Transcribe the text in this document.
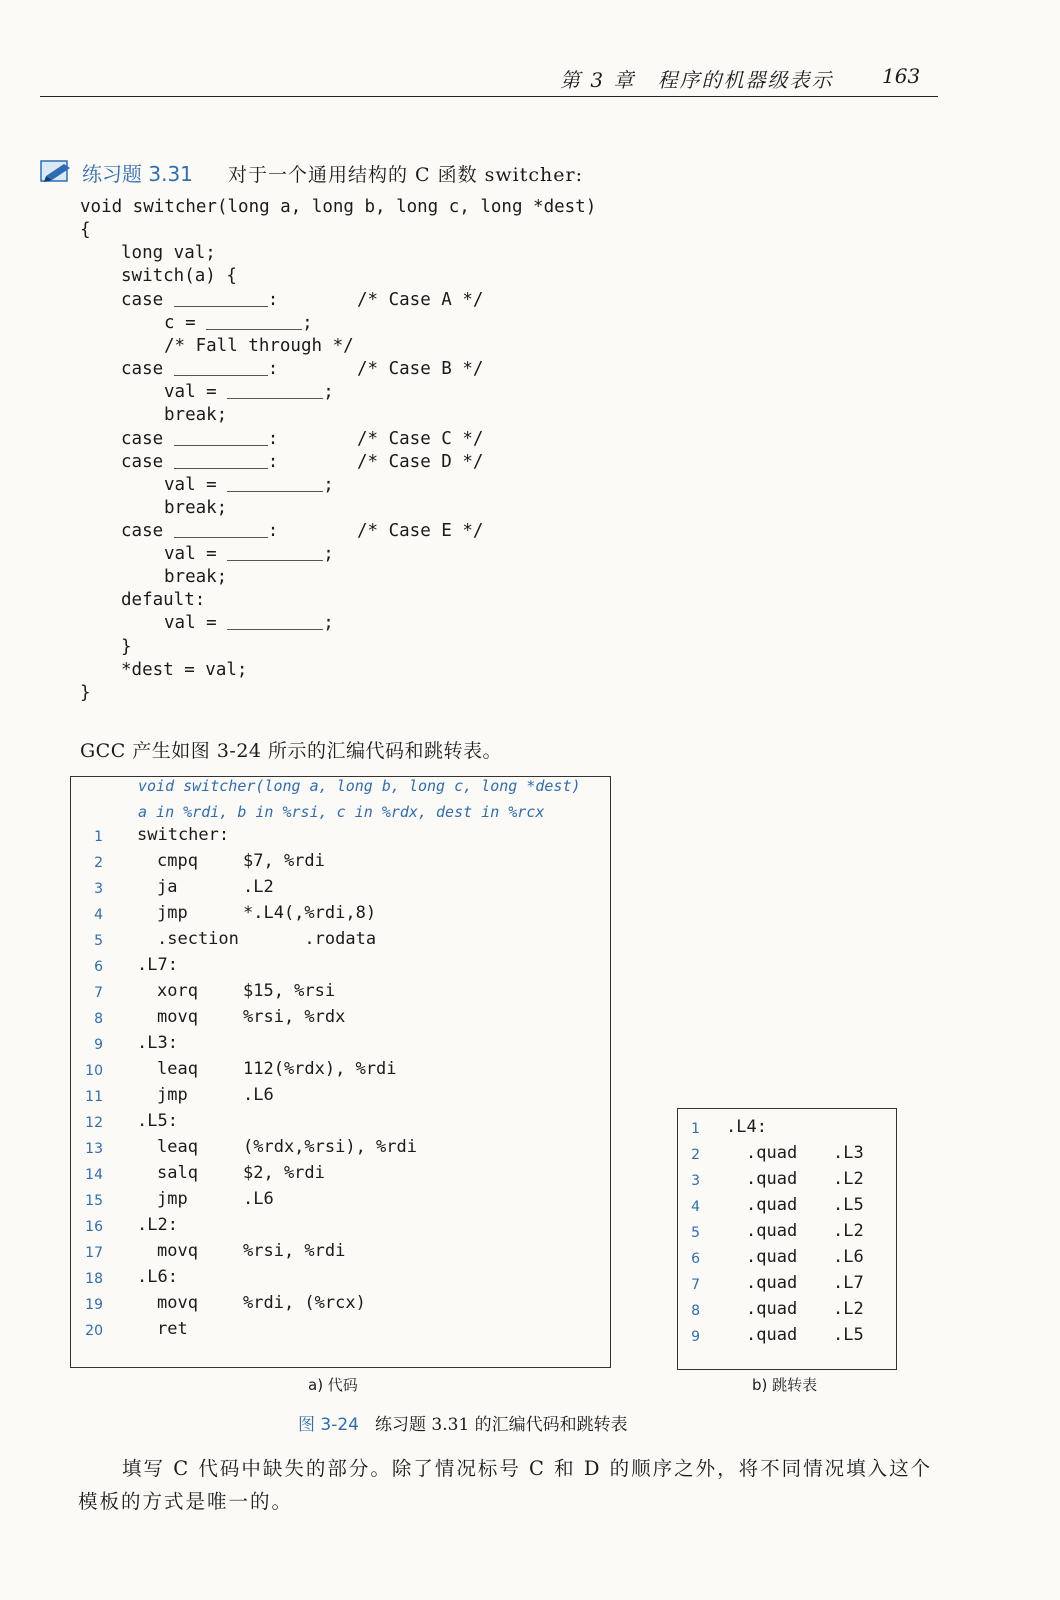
第 3 章　程序的机器级表示 163
练习题 3.31 对于一个通用结构的 C 函数 switcher:
void switcher(long a, long b, long c, long *dest)
{
long val;
switch(a) {
case	:	/* Case A */
c =	;
/* Fall through */
case	:	/* Case B */
val =	;
break;
case	:	/* Case C */
case	:	/* Case D */
val =	;
break;
case	:	/* Case E */
val =	;
break;
default:
val =	;
}
*dest = val;
}
GCC 产生如图 3-24 所示的汇编代码和跳转表。
void switcher(long a, long b, long c, long *dest)
a in %rdi, b in %rsi, c in %rdx, dest in %rcx
1 switcher:
2	cmpq	$7, %rdi
3	ja	.L2
4	jmp	*.L4(,%rdi,8)
5	.section .rodata
6 .L7:
7	xorq	$15, %rsi
8	movq	%rsi, %rdx
9 .L3:
10	leaq	112(%rdx), %rdi
11	jmp	.L6
12 .L5:
13	leaq	(%rdx,%rsi), %rdi
14	salq	$2, %rdi
15	jmp	.L6
16 .L2:
17	movq	%rsi, %rdi
18 .L6:
19	movq	%rdi, (%rcx)
20	ret
1 .L4:
2	.quad .L3
3	.quad .L2
4	.quad .L5
5	.quad .L2
6	.quad .L6
7	.quad .L7
8	.quad .L2
9	.quad .L5
a) 代码	b) 跳转表
图 3-24 练习题 3.31 的汇编代码和跳转表
填写 C 代码中缺失的部分。除了情况标号 C 和 D 的顺序之外，将不同情况填入这个模板的方式是唯一的。
